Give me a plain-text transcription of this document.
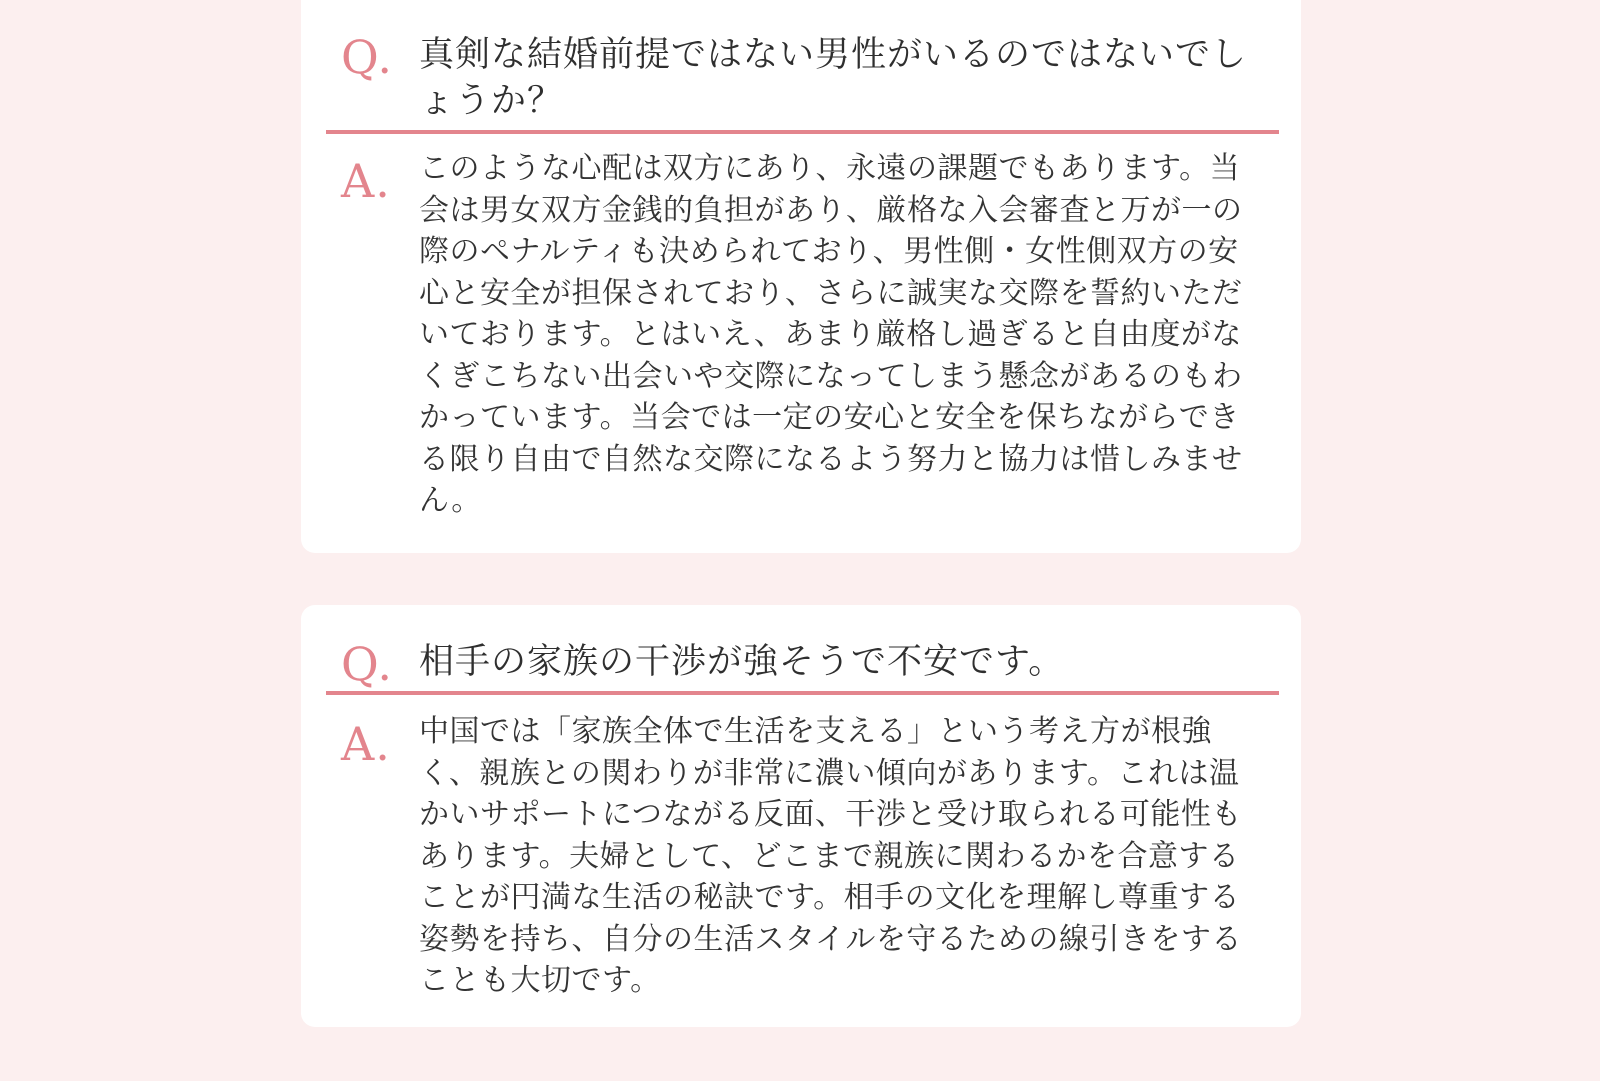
Q. 真剣な結婚前提ではない男性がいるのではないでしょうか？
A. このような心配は双方にあり、永遠の課題でもあります。当会は男女双方金銭的負担があり、厳格な入会審査と万が一の際のペナルティも決められており、男性側・女性側双方の安心と安全が担保されており、さらに誠実な交際を誓約いただいております。とはいえ、あまり厳格し過ぎると自由度がなくぎこちない出会いや交際になってしまう懸念があるのもわかっています。当会では一定の安心と安全を保ちながらできる限り自由で自然な交際になるよう努力と協力は惜しみません。
Q. 相手の家族の干渉が強そうで不安です。
A. 中国では「家族全体で生活を支える」という考え方が根強く、親族との関わりが非常に濃い傾向があります。これは温かいサポートにつながる反面、干渉と受け取られる可能性もあります。夫婦として、どこまで親族に関わるかを合意することが円満な生活の秘訣です。相手の文化を理解し尊重する姿勢を持ち、自分の生活スタイルを守るための線引きをすることも大切です。
